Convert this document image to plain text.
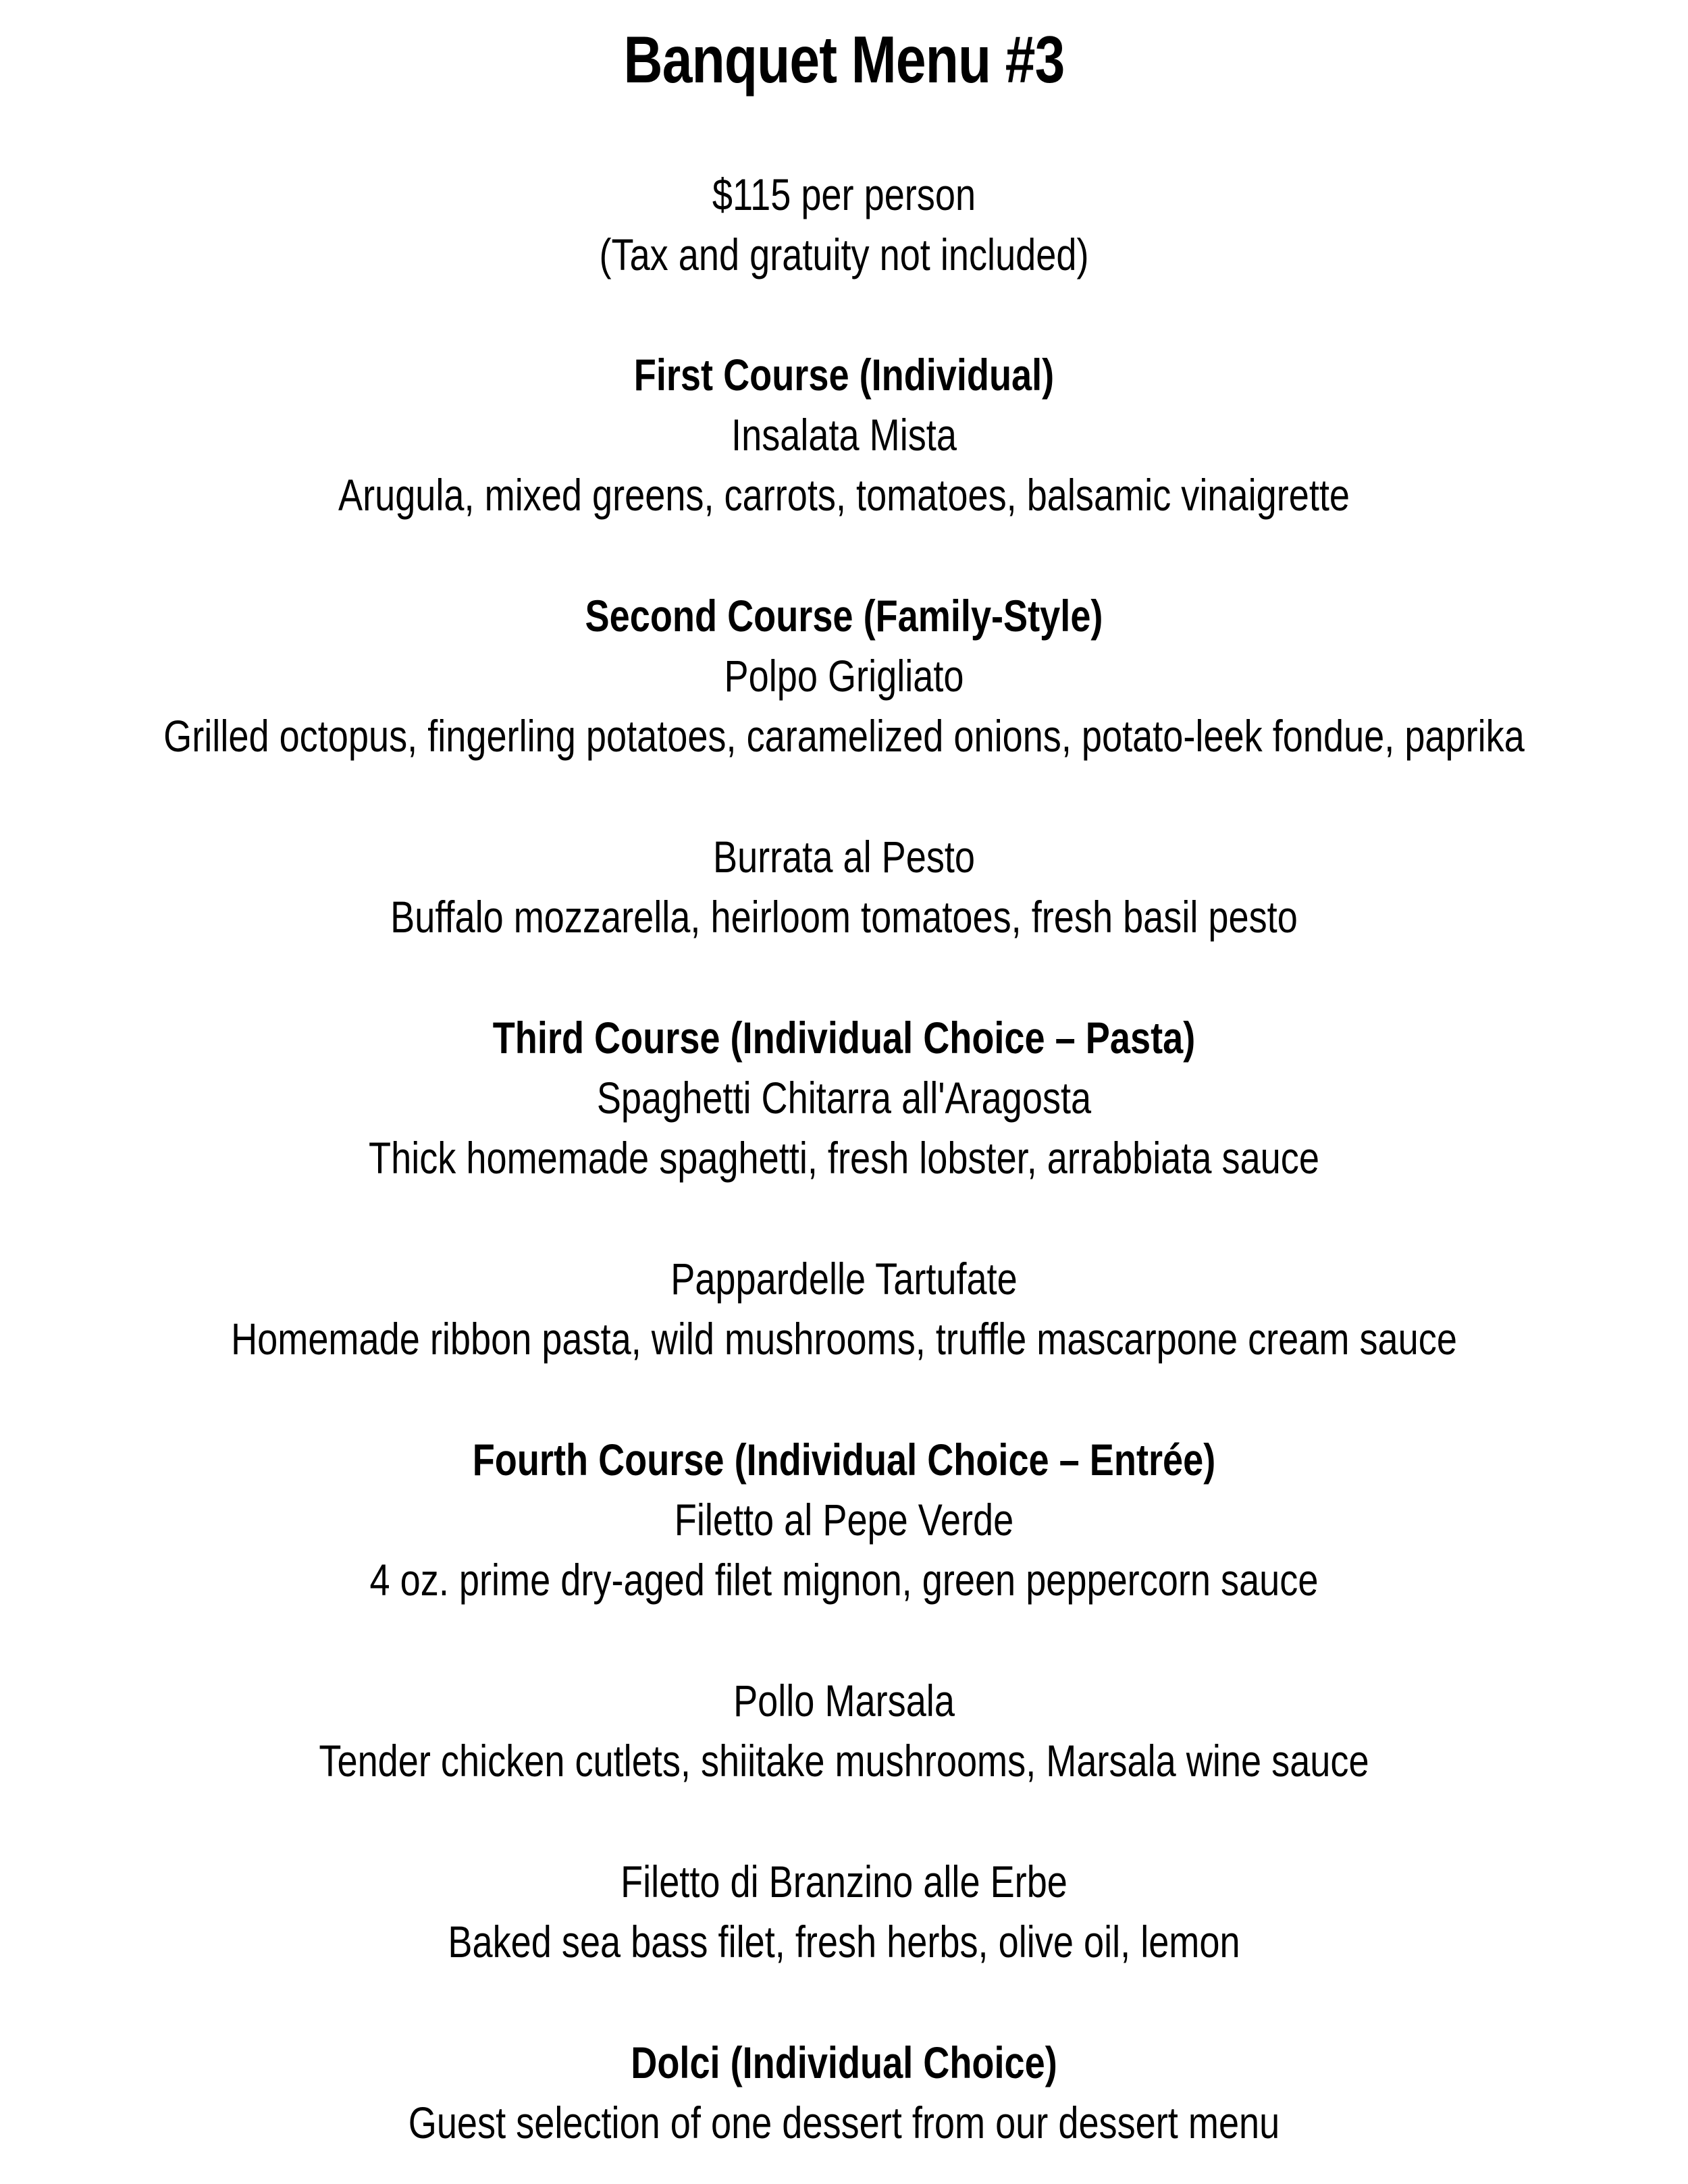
Banquet Menu #3
$115 per person
(Tax and gratuity not included)
First Course (Individual)
Insalata Mista
Arugula, mixed greens, carrots, tomatoes, balsamic vinaigrette
Second Course (Family-Style)
Polpo Grigliato
Grilled octopus, fingerling potatoes, caramelized onions, potato-leek fondue, paprika
Burrata al Pesto
Buffalo mozzarella, heirloom tomatoes, fresh basil pesto
Third Course (Individual Choice – Pasta)
Spaghetti Chitarra all'Aragosta
Thick homemade spaghetti, fresh lobster, arrabbiata sauce
Pappardelle Tartufate
Homemade ribbon pasta, wild mushrooms, truffle mascarpone cream sauce
Fourth Course (Individual Choice – Entrée)
Filetto al Pepe Verde
4 oz. prime dry-aged filet mignon, green peppercorn sauce
Pollo Marsala
Tender chicken cutlets, shiitake mushrooms, Marsala wine sauce
Filetto di Branzino alle Erbe
Baked sea bass filet, fresh herbs, olive oil, lemon
Dolci (Individual Choice)
Guest selection of one dessert from our dessert menu
